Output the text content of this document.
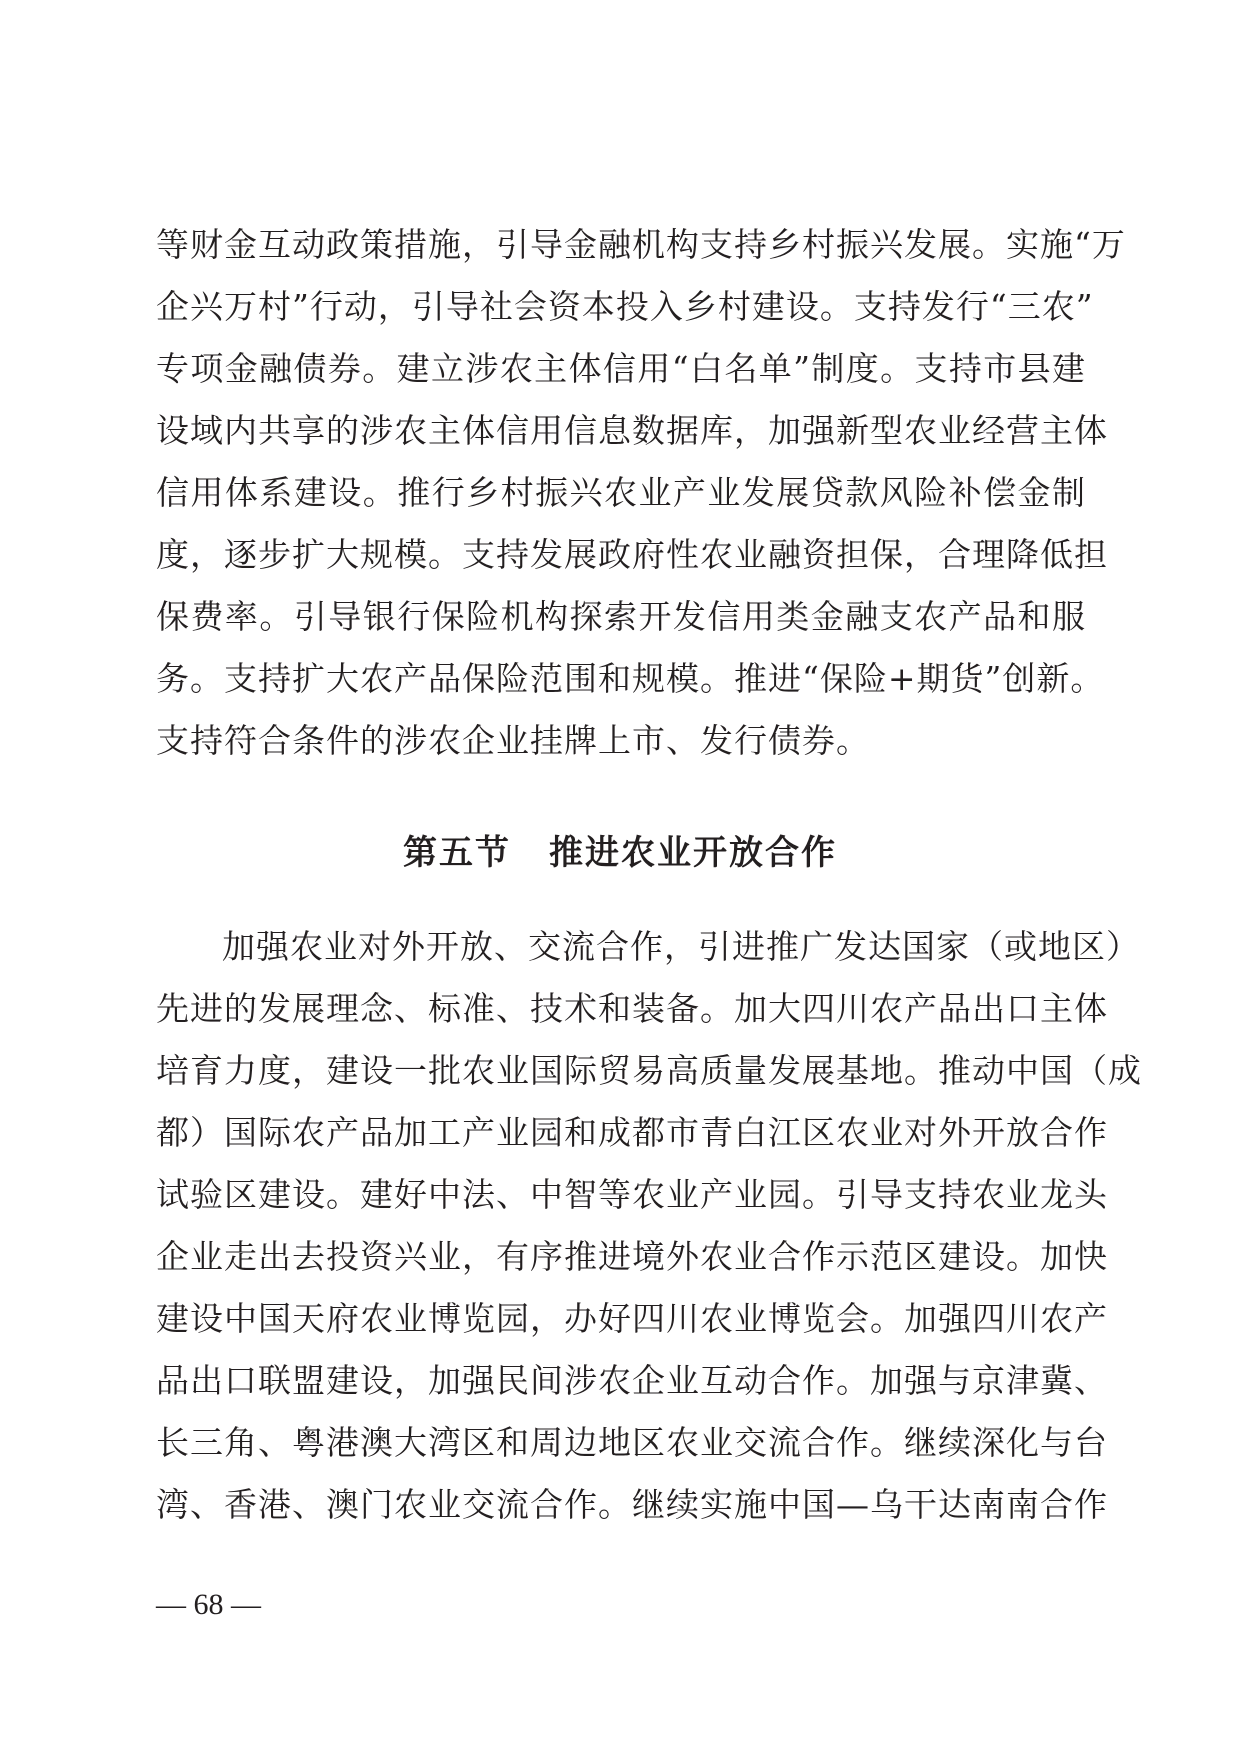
等财金互动政策措施，引导金融机构支持乡村振兴发展。实施“万
企兴万村”行动，引导社会资本投入乡村建设。支持发行“三农”
专项金融债券。建立涉农主体信用“白名单”制度。支持市县建
设域内共享的涉农主体信用信息数据库，加强新型农业经营主体
信用体系建设。推行乡村振兴农业产业发展贷款风险补偿金制
度，逐步扩大规模。支持发展政府性农业融资担保，合理降低担
保费率。引导银行保险机构探索开发信用类金融支农产品和服
务。支持扩大农产品保险范围和规模。推进“保险+期货”创新。
支持符合条件的涉农企业挂牌上市、发行债券。
第五节 推进农业开放合作
加强农业对外开放、交流合作，引进推广发达国家（或地区）
先进的发展理念、标准、技术和装备。加大四川农产品出口主体
培育力度，建设一批农业国际贸易高质量发展基地。推动中国（成
都）国际农产品加工产业园和成都市青白江区农业对外开放合作
试验区建设。建好中法、中智等农业产业园。引导支持农业龙头
企业走出去投资兴业，有序推进境外农业合作示范区建设。加快
建设中国天府农业博览园，办好四川农业博览会。加强四川农产
品出口联盟建设，加强民间涉农企业互动合作。加强与京津冀、
长三角、粤港澳大湾区和周边地区农业交流合作。继续深化与台
湾、香港、澳门农业交流合作。继续实施中国—乌干达南南合作
— 68 —
